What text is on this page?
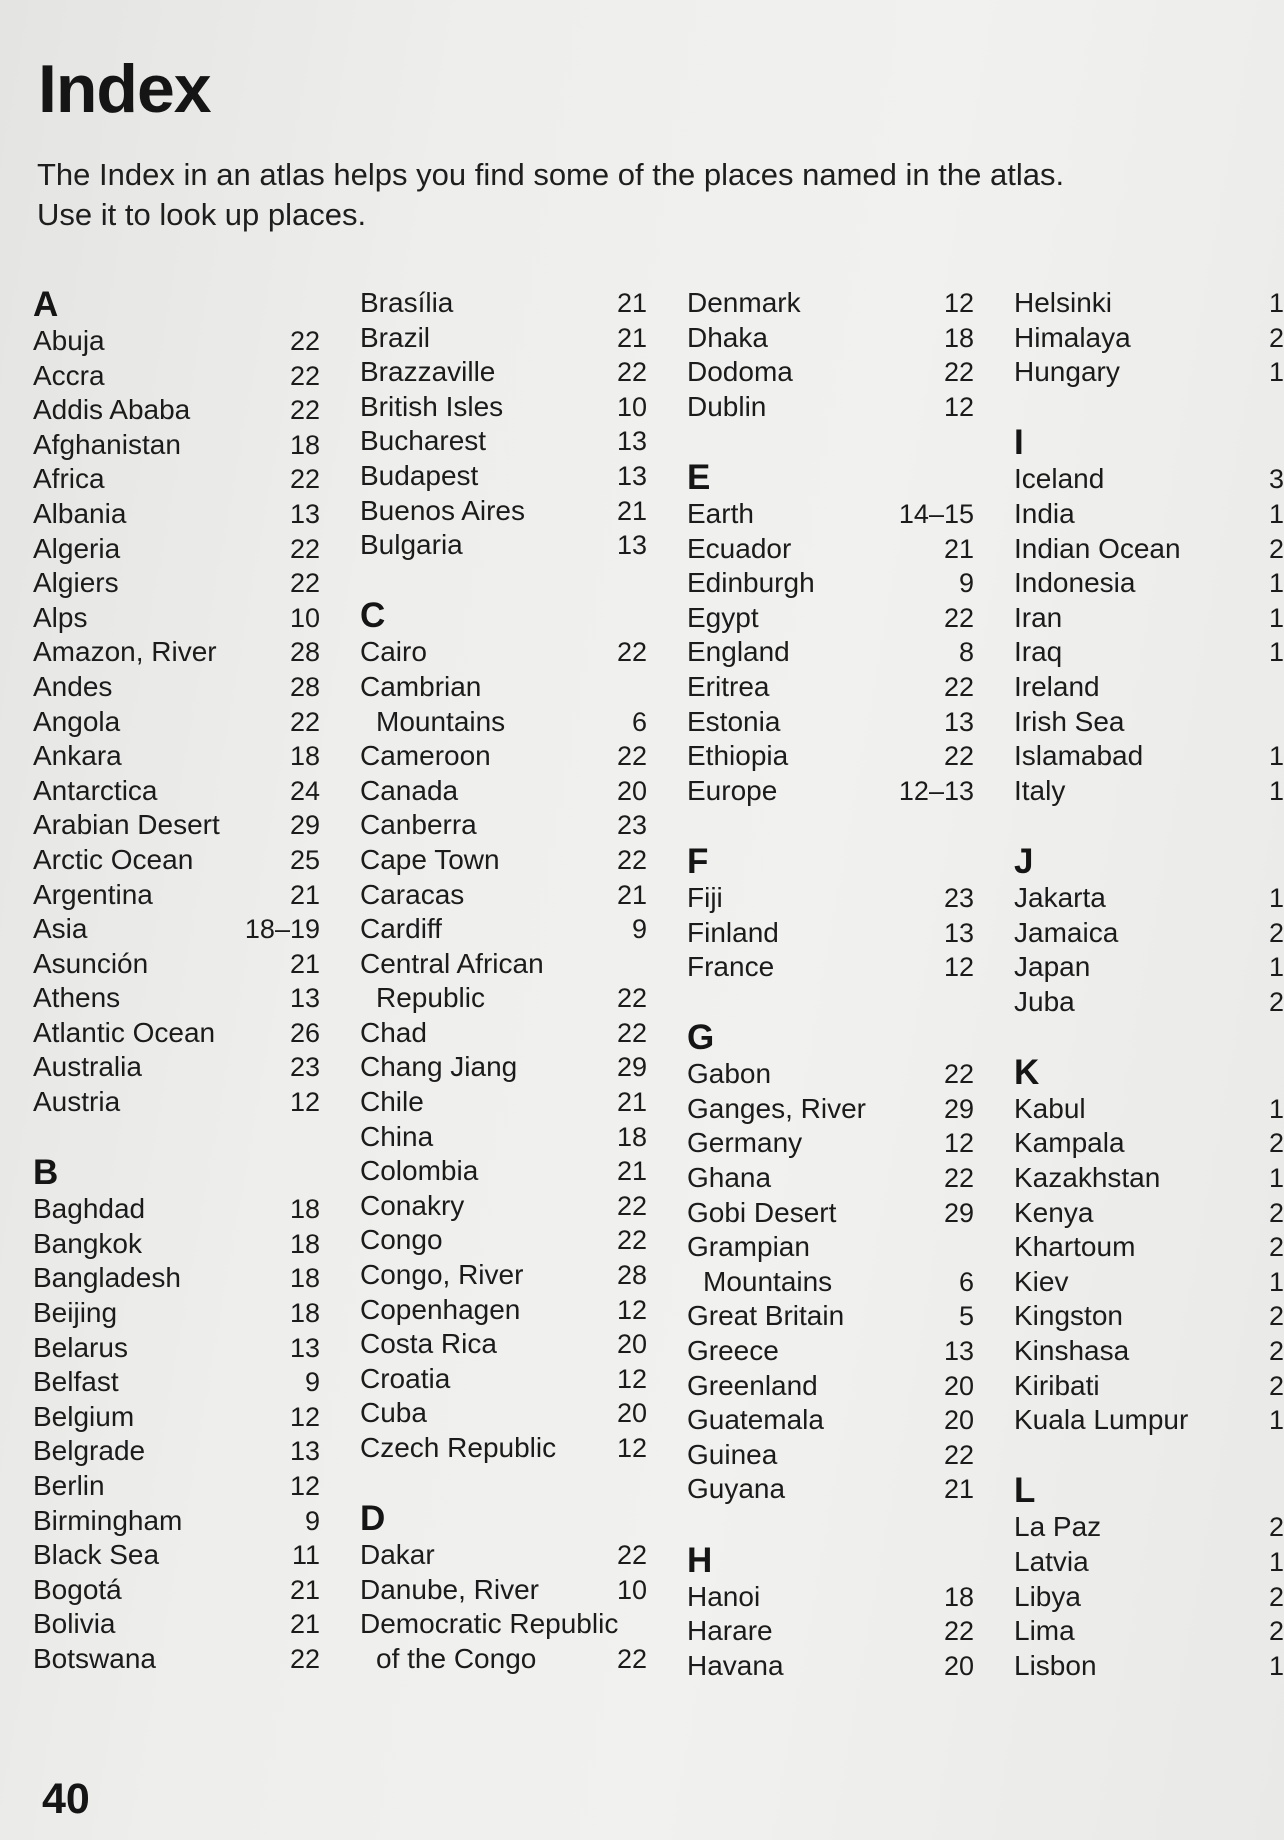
Index
The Index in an atlas helps you find some of the places named in the atlas.
Use it to look up places.
A
Abuja	22
Accra	22
Addis Ababa	22
Afghanistan	18
Africa	22
Albania	13
Algeria	22
Algiers	22
Alps	10
Amazon, River	28
Andes	28
Angola	22
Ankara	18
Antarctica	24
Arabian Desert	29
Arctic Ocean	25
Argentina	21
Asia	18–19
Asunción	21
Athens	13
Atlantic Ocean	26
Australia	23
Austria	12
B
Baghdad	18
Bangkok	18
Bangladesh	18
Beijing	18
Belarus	13
Belfast	9
Belgium	12
Belgrade	13
Berlin	12
Birmingham	9
Black Sea	11
Bogotá	21
Bolivia	21
Botswana	22
Brasília	21
Brazil	21
Brazzaville	22
British Isles	10
Bucharest	13
Budapest	13
Buenos Aires	21
Bulgaria	13
C
Cairo	22
Cambrian
Mountains	6
Cameroon	22
Canada	20
Canberra	23
Cape Town	22
Caracas	21
Cardiff	9
Central African
Republic	22
Chad	22
Chang Jiang	29
Chile	21
China	18
Colombia	21
Conakry	22
Congo	22
Congo, River	28
Copenhagen	12
Costa Rica	20
Croatia	12
Cuba	20
Czech Republic 12
D
Dakar	22
Danube, River	10
Democratic Republic
of the Congo	22
Denmark	12
Dhaka	18
Dodoma	22
Dublin	12
E
Earth	14–15
Ecuador	21
Edinburgh	9
Egypt	22
England	8
Eritrea	22
Estonia	13
Ethiopia	22
Europe	12–13
F
Fiji	23
Finland	13
France	12
G
Gabon	22
Ganges, River	29
Germany	12
Ghana	22
Gobi Desert	29
Grampian
Mountains	6
Great Britain	5
Greece	13
Greenland	20
Guatemala	20
Guinea	22
Guyana	21
H
Hanoi	18
Harare	22
Havana	20
Helsinki	1
Himalaya	2
Hungary	1
I
Iceland	3
India	1
Indian Ocean	2
Indonesia	1
Iran	1
Iraq	1
Ireland
Irish Sea
Islamabad	1
Italy	1
J
Jakarta	1
Jamaica	2
Japan	1
Juba	2
K
Kabul	1
Kampala	2
Kazakhstan	1
Kenya	2
Khartoum	2
Kiev	1
Kingston	2
Kinshasa	2
Kiribati	2
Kuala Lumpur	1
L
La Paz	2
Latvia	1
Libya	2
Lima	2
Lisbon	1
40
